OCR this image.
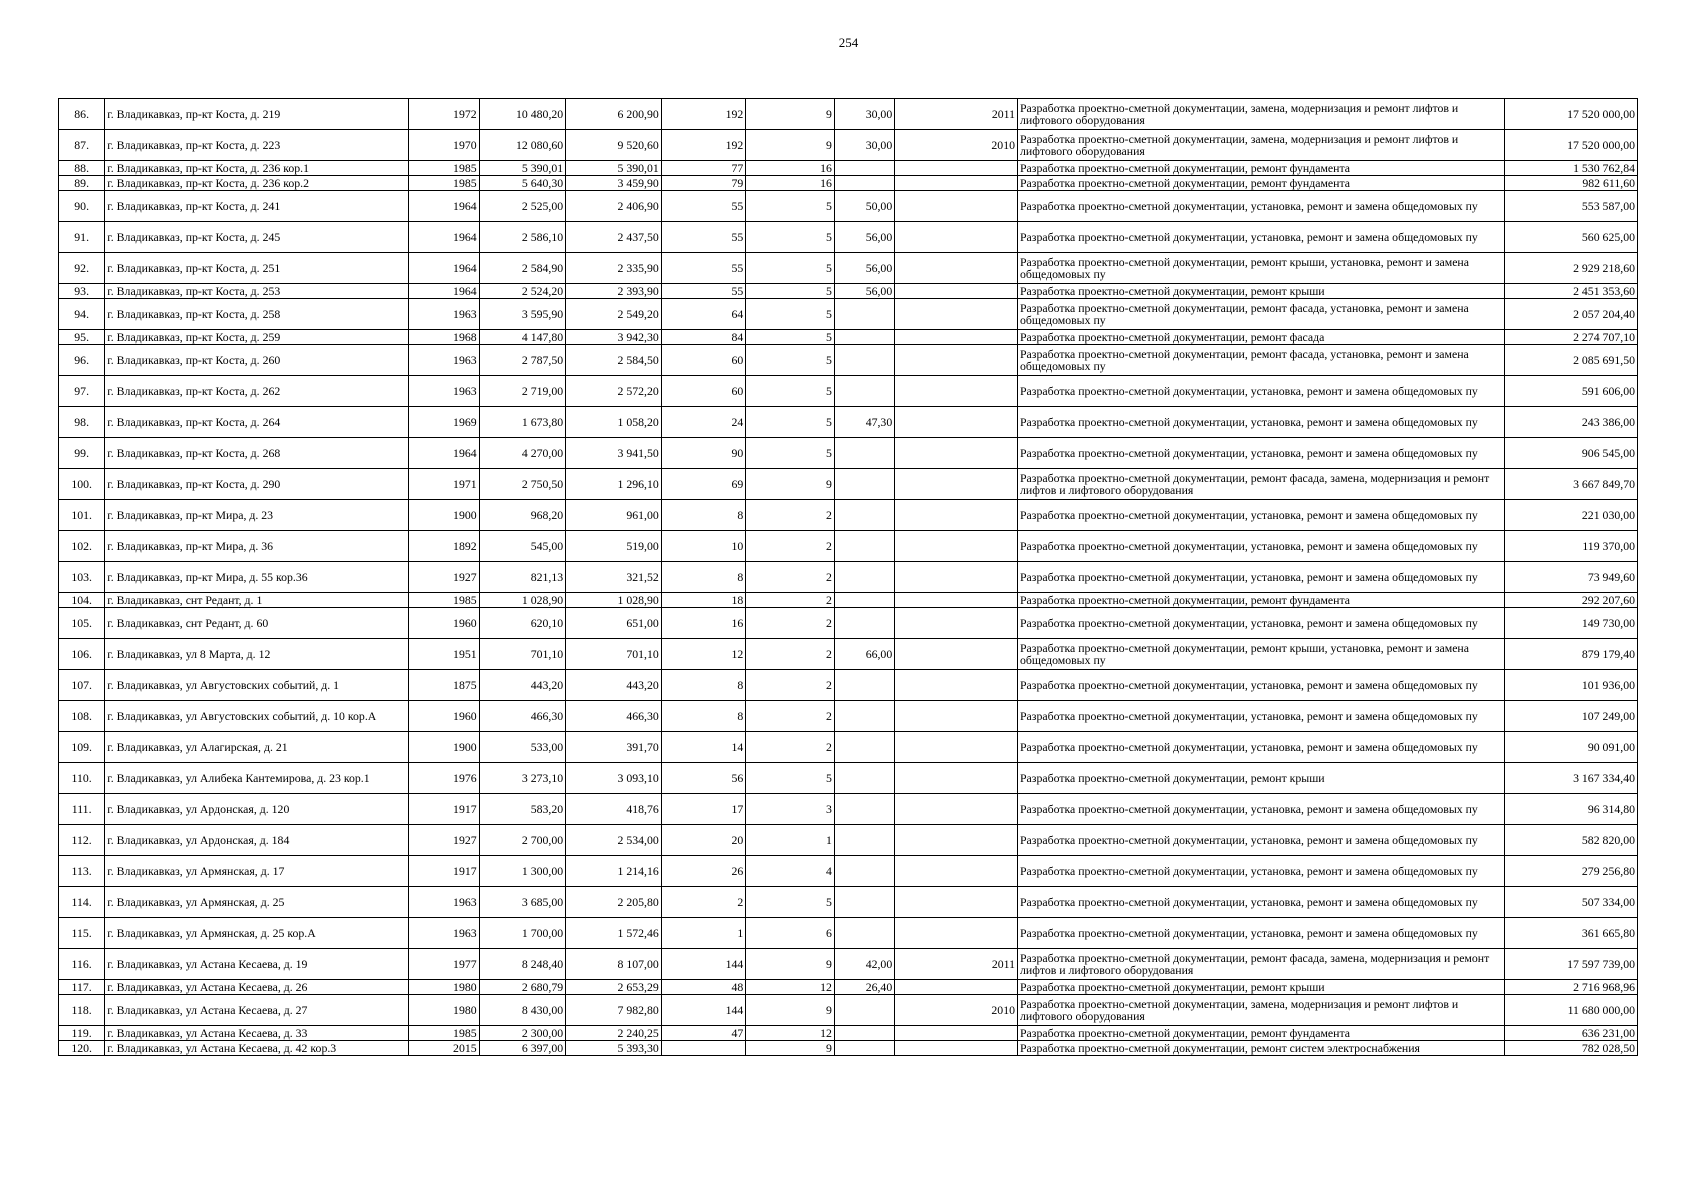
254
86.	г. Владикавказ, пр-кт Коста, д. 219	1972	10 480,20	6 200,90	192	9	30,00	2011	Разработка проектно-сметной документации, замена, модернизация и ремонт лифтов и лифтового оборудования	17 520 000,00
87.	г. Владикавказ, пр-кт Коста, д. 223	1970	12 080,60	9 520,60	192	9	30,00	2010	Разработка проектно-сметной документации, замена, модернизация и ремонт лифтов и лифтового оборудования	17 520 000,00
88.	г. Владикавказ, пр-кт Коста, д. 236 кор.1	1985	5 390,01	5 390,01	77	16			Разработка проектно-сметной документации, ремонт фундамента	1 530 762,84
89.	г. Владикавказ, пр-кт Коста, д. 236 кор.2	1985	5 640,30	3 459,90	79	16			Разработка проектно-сметной документации, ремонт фундамента	982 611,60
90.	г. Владикавказ, пр-кт Коста, д. 241	1964	2 525,00	2 406,90	55	5	50,00		Разработка проектно-сметной документации, установка, ремонт и замена общедомовых пу	553 587,00
91.	г. Владикавказ, пр-кт Коста, д. 245	1964	2 586,10	2 437,50	55	5	56,00		Разработка проектно-сметной документации, установка, ремонт и замена общедомовых пу	560 625,00
92.	г. Владикавказ, пр-кт Коста, д. 251	1964	2 584,90	2 335,90	55	5	56,00		Разработка проектно-сметной документации, ремонт крыши, установка, ремонт и замена общедомовых пу	2 929 218,60
93.	г. Владикавказ, пр-кт Коста, д. 253	1964	2 524,20	2 393,90	55	5	56,00		Разработка проектно-сметной документации, ремонт крыши	2 451 353,60
94.	г. Владикавказ, пр-кт Коста, д. 258	1963	3 595,90	2 549,20	64	5			Разработка проектно-сметной документации, ремонт фасада, установка, ремонт и замена общедомовых пу	2 057 204,40
95.	г. Владикавказ, пр-кт Коста, д. 259	1968	4 147,80	3 942,30	84	5			Разработка проектно-сметной документации, ремонт фасада	2 274 707,10
96.	г. Владикавказ, пр-кт Коста, д. 260	1963	2 787,50	2 584,50	60	5			Разработка проектно-сметной документации, ремонт фасада, установка, ремонт и замена общедомовых пу	2 085 691,50
97.	г. Владикавказ, пр-кт Коста, д. 262	1963	2 719,00	2 572,20	60	5			Разработка проектно-сметной документации, установка, ремонт и замена общедомовых пу	591 606,00
98.	г. Владикавказ, пр-кт Коста, д. 264	1969	1 673,80	1 058,20	24	5	47,30		Разработка проектно-сметной документации, установка, ремонт и замена общедомовых пу	243 386,00
99.	г. Владикавказ, пр-кт Коста, д. 268	1964	4 270,00	3 941,50	90	5			Разработка проектно-сметной документации, установка, ремонт и замена общедомовых пу	906 545,00
100.	г. Владикавказ, пр-кт Коста, д. 290	1971	2 750,50	1 296,10	69	9			Разработка проектно-сметной документации, ремонт фасада, замена, модернизация и ремонт лифтов и лифтового оборудования	3 667 849,70
101.	г. Владикавказ, пр-кт Мира, д. 23	1900	968,20	961,00	8	2			Разработка проектно-сметной документации, установка, ремонт и замена общедомовых пу	221 030,00
102.	г. Владикавказ, пр-кт Мира, д. 36	1892	545,00	519,00	10	2			Разработка проектно-сметной документации, установка, ремонт и замена общедомовых пу	119 370,00
103.	г. Владикавказ, пр-кт Мира, д. 55 кор.36	1927	821,13	321,52	8	2			Разработка проектно-сметной документации, установка, ремонт и замена общедомовых пу	73 949,60
104.	г. Владикавказ, снт Редант, д. 1	1985	1 028,90	1 028,90	18	2			Разработка проектно-сметной документации, ремонт фундамента	292 207,60
105.	г. Владикавказ, снт Редант, д. 60	1960	620,10	651,00	16	2			Разработка проектно-сметной документации, установка, ремонт и замена общедомовых пу	149 730,00
106.	г. Владикавказ, ул 8 Марта, д. 12	1951	701,10	701,10	12	2	66,00		Разработка проектно-сметной документации, ремонт крыши, установка, ремонт и замена общедомовых пу	879 179,40
107.	г. Владикавказ, ул Августовских событий, д. 1	1875	443,20	443,20	8	2			Разработка проектно-сметной документации, установка, ремонт и замена общедомовых пу	101 936,00
108.	г. Владикавказ, ул Августовских событий, д. 10 кор.А	1960	466,30	466,30	8	2			Разработка проектно-сметной документации, установка, ремонт и замена общедомовых пу	107 249,00
109.	г. Владикавказ, ул Алагирская, д. 21	1900	533,00	391,70	14	2			Разработка проектно-сметной документации, установка, ремонт и замена общедомовых пу	90 091,00
110.	г. Владикавказ, ул Алибека Кантемирова, д. 23 кор.1	1976	3 273,10	3 093,10	56	5			Разработка проектно-сметной документации, ремонт крыши	3 167 334,40
111.	г. Владикавказ, ул Ардонская, д. 120	1917	583,20	418,76	17	3			Разработка проектно-сметной документации, установка, ремонт и замена общедомовых пу	96 314,80
112.	г. Владикавказ, ул Ардонская, д. 184	1927	2 700,00	2 534,00	20	1			Разработка проектно-сметной документации, установка, ремонт и замена общедомовых пу	582 820,00
113.	г. Владикавказ, ул Армянская, д. 17	1917	1 300,00	1 214,16	26	4			Разработка проектно-сметной документации, установка, ремонт и замена общедомовых пу	279 256,80
114.	г. Владикавказ, ул Армянская, д. 25	1963	3 685,00	2 205,80	2	5			Разработка проектно-сметной документации, установка, ремонт и замена общедомовых пу	507 334,00
115.	г. Владикавказ, ул Армянская, д. 25 кор.А	1963	1 700,00	1 572,46	1	6			Разработка проектно-сметной документации, установка, ремонт и замена общедомовых пу	361 665,80
116.	г. Владикавказ, ул Астана Кесаева, д. 19	1977	8 248,40	8 107,00	144	9	42,00	2011	Разработка проектно-сметной документации, ремонт фасада, замена, модернизация и ремонт лифтов и лифтового оборудования	17 597 739,00
117.	г. Владикавказ, ул Астана Кесаева, д. 26	1980	2 680,79	2 653,29	48	12	26,40		Разработка проектно-сметной документации, ремонт крыши	2 716 968,96
118.	г. Владикавказ, ул Астана Кесаева, д. 27	1980	8 430,00	7 982,80	144	9		2010	Разработка проектно-сметной документации, замена, модернизация и ремонт лифтов и лифтового оборудования	11 680 000,00
119.	г. Владикавказ, ул Астана Кесаева, д. 33	1985	2 300,00	2 240,25	47	12			Разработка проектно-сметной документации, ремонт фундамента	636 231,00
120.	г. Владикавказ, ул Астана Кесаева, д. 42 кор.3	2015	6 397,00	5 393,30		9			Разработка проектно-сметной документации, ремонт систем электроснабжения	782 028,50
